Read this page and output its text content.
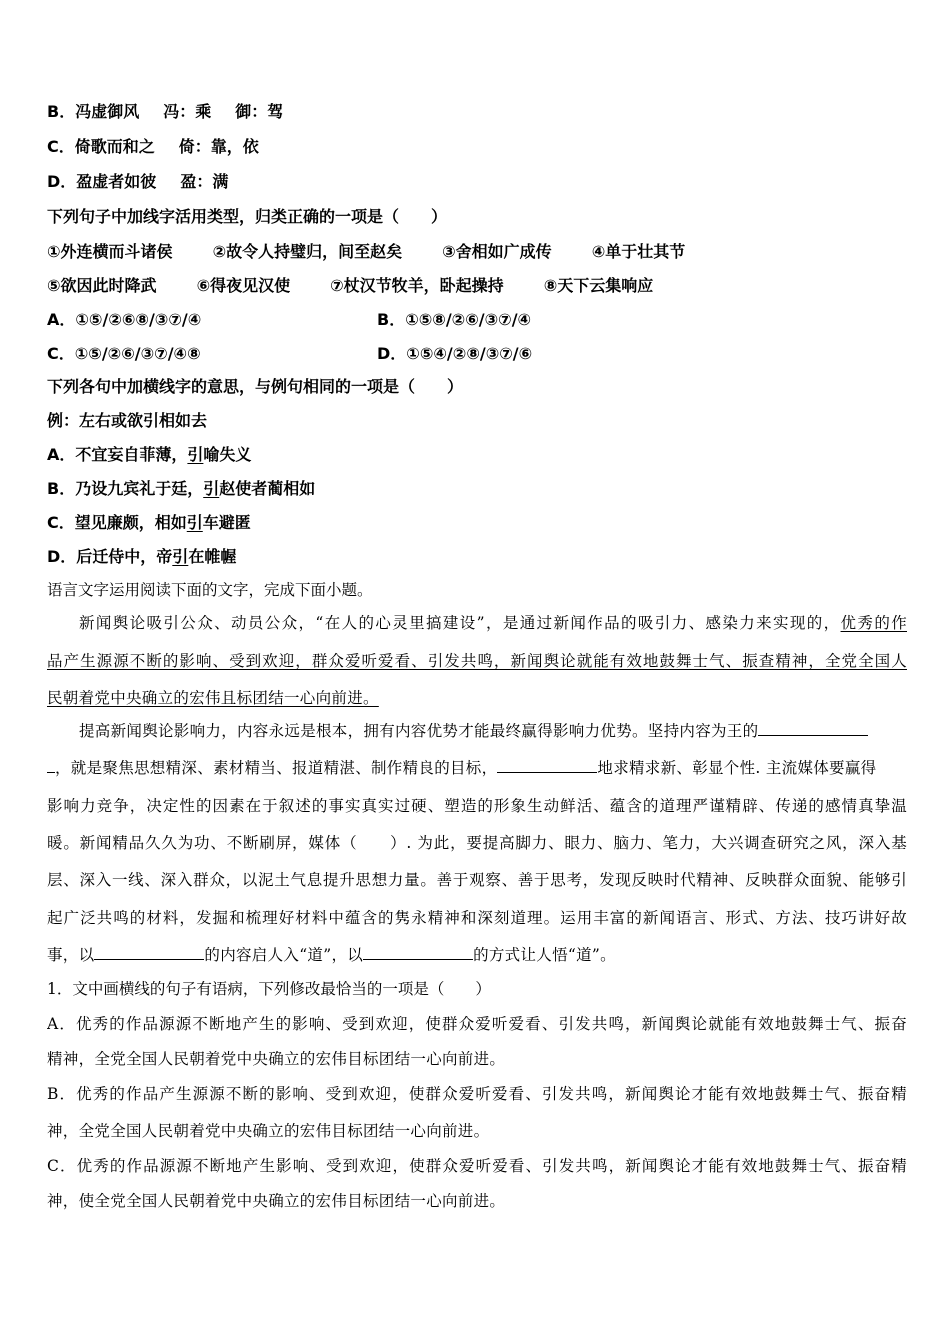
B．冯虚御风 冯：乘 御：驾
C．倚歌而和之 倚：靠，依
D．盈虚者如彼 盈：满
下列句子中加线字活用类型，归类正确的一项是（　　）
①外连横而斗诸侯	②故令人持璧归，间至赵矣	③舍相如广成传	④单于壮其节
⑤欲因此时降武	⑥得夜见汉使	⑦杖汉节牧羊，卧起操持	⑧天下云集响应
A．①⑤/②⑥⑧/③⑦/④	B．①⑤⑧/②⑥/③⑦/④
C．①⑤/②⑥/③⑦/④⑧	D．①⑤④/②⑧/③⑦/⑥
下列各句中加横线字的意思，与例句相同的一项是（　　）
例：左右或欲引相如去
A．不宜妄自菲薄，引喻失义
B．乃设九宾礼于廷，引赵使者蔺相如
C．望见廉颇，相如引车避匿
D．后迁侍中，帝引在帷幄
语言文字运用阅读下面的文字，完成下面小题。
新闻舆论吸引公众、动员公众，“在人的心灵里搞建设”，是通过新闻作品的吸引力、感染力来实现的，优秀的作
品产生源源不断的影响、受到欢迎，群众爱听爱看、引发共鸣，新闻舆论就能有效地鼓舞士气、振查精神，全党全国人
民朝着党中央确立的宏伟且标团结一心向前进。
提高新闻舆论影响力，内容永远是根本，拥有内容优势才能最终赢得影响力优势。坚持内容为王的
，就是聚焦思想精深、素材精当、报道精湛、制作精良的目标，	地求精求新、彰显个性. 主流媒体要赢得
影响力竞争，决定性的因素在于叙述的事实真实过硬、塑造的形象生动鲜活、蕴含的道理严谨精辟、传递的感情真挚温
暖。新闻精品久久为功、不断刷屏，媒体（　　）. 为此，要提高脚力、眼力、脑力、笔力，大兴调查研究之风，深入基
层、深入一线、深入群众，以泥土气息提升思想力量。善于观察、善于思考，发现反映时代精神、反映群众面貌、能够引
起广泛共鸣的材料，发掘和梳理好材料中蕴含的隽永精神和深刻道理。运用丰富的新闻语言、形式、方法、技巧讲好故
事，以	的内容启人入“道”，以	的方式让人悟“道”。
1．文中画横线的句子有语病，下列修改最恰当的一项是（　　）
A．优秀的作品源源不断地产生的影响、受到欢迎，使群众爱听爱看、引发共鸣，新闻舆论就能有效地鼓舞士气、振奋
精神，全党全国人民朝着党中央确立的宏伟目标团结一心向前进。
B．优秀的作品产生源源不断的影响、受到欢迎，使群众爱听爱看、引发共鸣，新闻舆论才能有效地鼓舞士气、振奋精
神，全党全国人民朝着党中央确立的宏伟目标团结一心向前进。
C．优秀的作品源源不断地产生影响、受到欢迎，使群众爱听爱看、引发共鸣，新闻舆论才能有效地鼓舞士气、振奋精
神，使全党全国人民朝着党中央确立的宏伟目标团结一心向前进。
